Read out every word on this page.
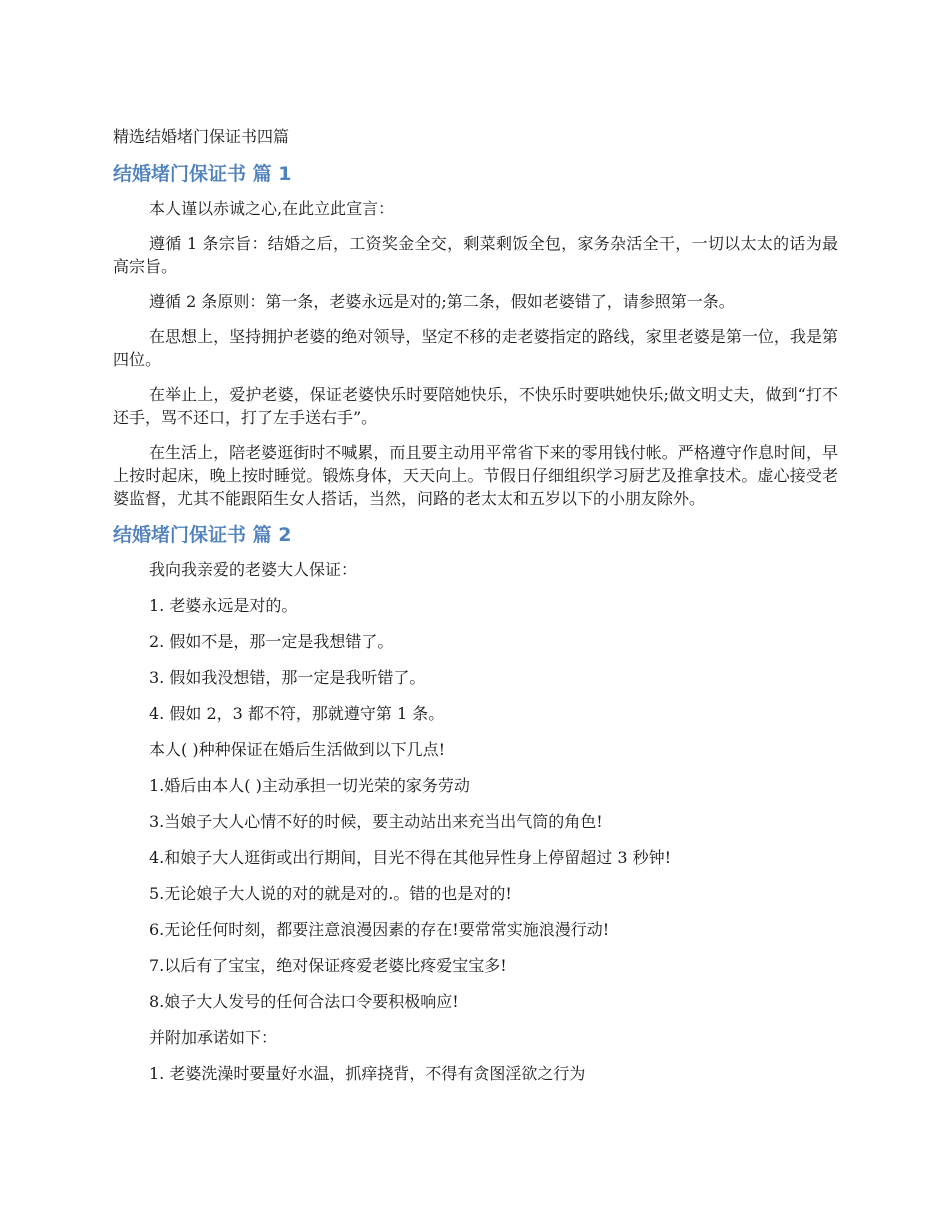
精选结婚堵门保证书四篇
结婚堵门保证书 篇 1

本人谨以赤诚之心,在此立此宣言：

遵循 1 条宗旨：结婚之后，工资奖金全交，剩菜剩饭全包，家务杂活全干，一切以太太的话为最高宗旨。

遵循 2 条原则：第一条，老婆永远是对的;第二条，假如老婆错了，请参照第一条。

在思想上，坚持拥护老婆的绝对领导，坚定不移的走老婆指定的路线，家里老婆是第一位，我是第四位。

在举止上，爱护老婆，保证老婆快乐时要陪她快乐，不快乐时要哄她快乐;做文明丈夫，做到“打不还手，骂不还口，打了左手送右手”。

在生活上，陪老婆逛街时不喊累，而且要主动用平常省下来的零用钱付帐。严格遵守作息时间，早上按时起床，晚上按时睡觉。锻炼身体，天天向上。节假日仔细组织学习厨艺及推拿技术。虚心接受老婆监督，尤其不能跟陌生女人搭话，当然，问路的老太太和五岁以下的小朋友除外。

结婚堵门保证书 篇 2

我向我亲爱的老婆大人保证：

1. 老婆永远是对的。

2. 假如不是，那一定是我想错了。

3. 假如我没想错，那一定是我听错了。

4. 假如 2，3 都不符，那就遵守第 1 条。

本人( )种种保证在婚后生活做到以下几点!

1.婚后由本人( )主动承担一切光荣的家务劳动

3.当娘子大人心情不好的时候，要主动站出来充当出气筒的角色!

4.和娘子大人逛街或出行期间，目光不得在其他异性身上停留超过 3 秒钟!

5.无论娘子大人说的对的就是对的.。错的也是对的!

6.无论任何时刻，都要注意浪漫因素的存在!要常常实施浪漫行动!

7.以后有了宝宝，绝对保证疼爱老婆比疼爱宝宝多!

8.娘子大人发号的任何合法口令要积极响应!

并附加承诺如下：

1. 老婆洗澡时要量好水温，抓痒挠背，不得有贪图淫欲之行为
